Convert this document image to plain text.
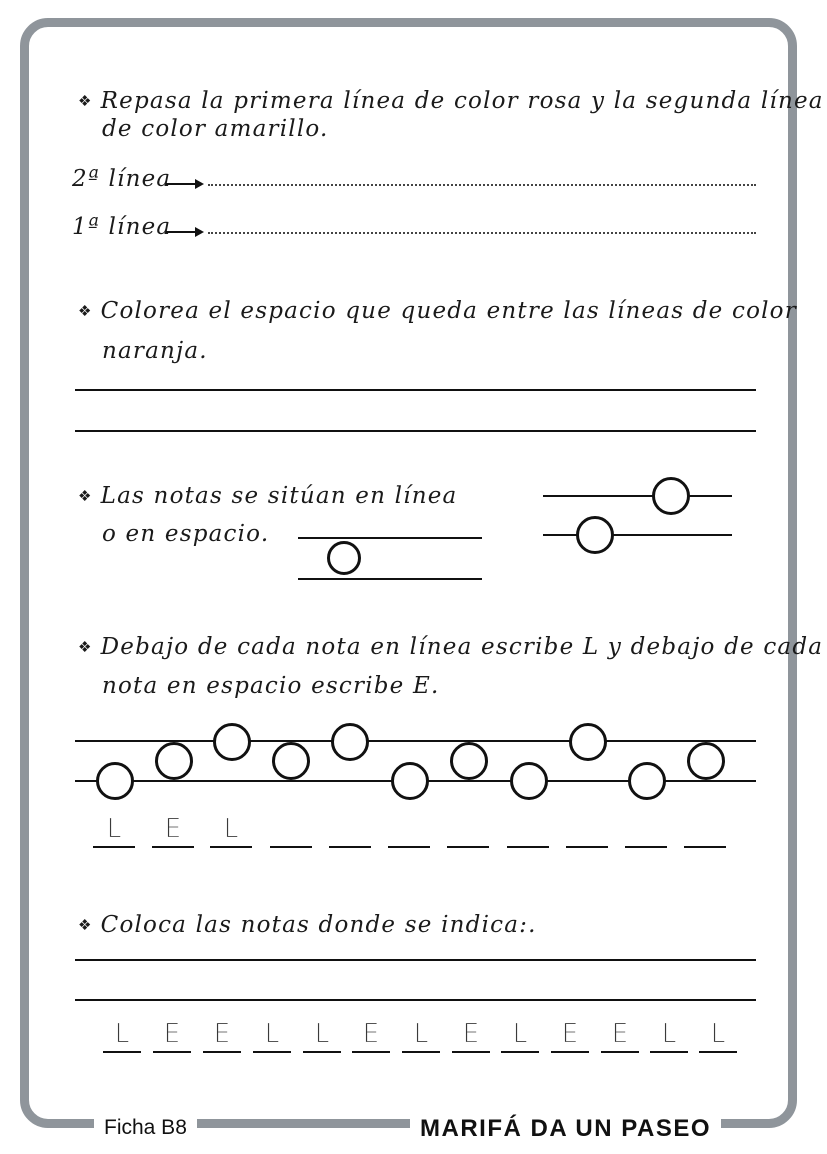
❖ Repasa la primera línea de color rosa y la segunda línea
de color amarillo.
2ª línea
1ª línea
❖ Colorea el espacio que queda entre las líneas de color
naranja.
❖ Las notas se sitúan en línea
o en espacio.
❖ Debajo de cada nota en línea escribe L y debajo de cada
nota en espacio escribe E.
L	E	L
❖ Coloca las notas donde se indica:.
L	E	E	L	L	E	L	E	L	E	E	L	L
Ficha B8	MARIFÁ DA UN PASEO
